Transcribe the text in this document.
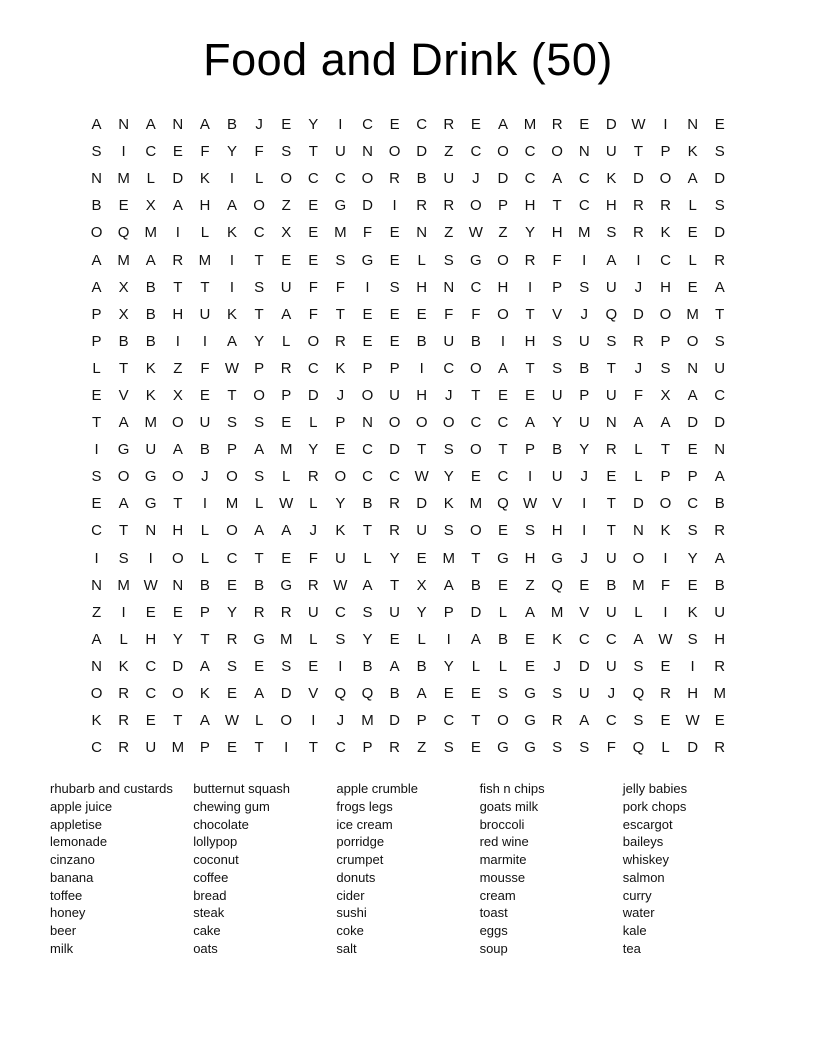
Food and Drink (50)
A	N	A	N	A	B	J	E	Y	I	C	E	C	R	E	A	M	R	E	D W	I	N	E
S	I	C	E	F	Y	F	S	T	U	N	O	D	Z	C	O	C	O	N	U	T	P	K	S
N	M	L	D	K	I	L	O	C	C	O	R	B	U	J	D	C	A	C	K	D	O	A	D
B	E	X	A	H	A	O	Z	E	G	D	I	R	R	O	P	H	T	C	H	R	R	L	S
O	Q	M	I	L	K	C	X	E	M	F	E	N	Z	W	Z	Y	H	M	S	R	K	E	D
A	M	A	R	M	I	T	E	E	S	G	E	L	S	G	O	R	F	I	A	I	C	L	R
A	X	B	T	T	I	S	U	F	F	I	S	H	N	C	H	I	P	S	U	J	H	E	A
P	X	B	H	U	K	T	A	F	T	E	E	E	F	F	O	T	V	J	Q	D	O	M	T
P	B	B	I	I	A	Y	L	O	R	E	E	B	U	B	I	H	S	U	S	R	P	O	S
L	T	K	Z	F	W	P	R	C	K	P	P	I	C	O	A	T	S	B	T	J	S	N	U
E	V	K	X	E	T	O	P	D	J	O	U	H	J	T	E	E	U	P	U	F	X	A	C
T	A	M	O	U	S	S	E	L	P	N	O	O	O	C	C	A	Y	U	N	A	A	D	D
I	G	U	A	B	P	A	M	Y	E	C	D	T	S	O	T	P	B	Y	R	L	T	E	N
S	O	G	O	J	O	S	L	R	O	C	C W	Y	E	C	I	U	J	E	L	P	P	A
E	A	G	T	I	M	L	W	L	Y	B	R	D	K	M	Q W	V	I	T	D	O	C	B
C	T	N	H	L	O	A	A	J	K	T	R	U	S	O	E	S	H	I	T	N	K	S	R
I	S	I	O	L	C	T	E	F	U	L	Y	E	M	T	G	H	G	J	U	O	I	Y	A
N	M W N	B	E	B	G	R W	A	T	X	A	B	E	Z	Q	E	B	M	F	E	B
Z	I	E	E	P	Y	R	R	U	C	S	U	Y	P	D	L	A	M	V	U	L	I	K	U
A	L	H	Y	T	R	G	M	L	S	Y	E	L	I	A	B	E	K	C	C	A	W	S	H
N	K	C	D	A	S	E	S	E	I	B	A	B	Y	L	L	E	J	D	U	S	E	I	R
O	R	C	O	K	E	A	D	V	Q	Q	B	A	E	E	S	G	S	U	J	Q	R	H	M
K	R	E	T	A	W	L	O	I	J	M	D	P	C	T	O	G	R	A	C	S	E	W	E
C	R	U	M	P	E	T	I	T	C	P	R	Z	S	E	G	G	S	S	F	Q	L	D	R
rhubarb and custards
apple juice
appletise
lemonade
cinzano
banana
toffee
honey
beer
milk
butternut squash
chewing gum
chocolate
lollypop
coconut
coffee
bread
steak
cake
oats
apple crumble
frogs legs
ice cream
porridge
crumpet
donuts
cider
sushi
coke
salt
fish n chips
goats milk
broccoli
red wine
marmite
mousse
cream
toast
eggs
soup
jelly babies
pork chops
escargot
baileys
whiskey
salmon
curry
water
kale
tea
